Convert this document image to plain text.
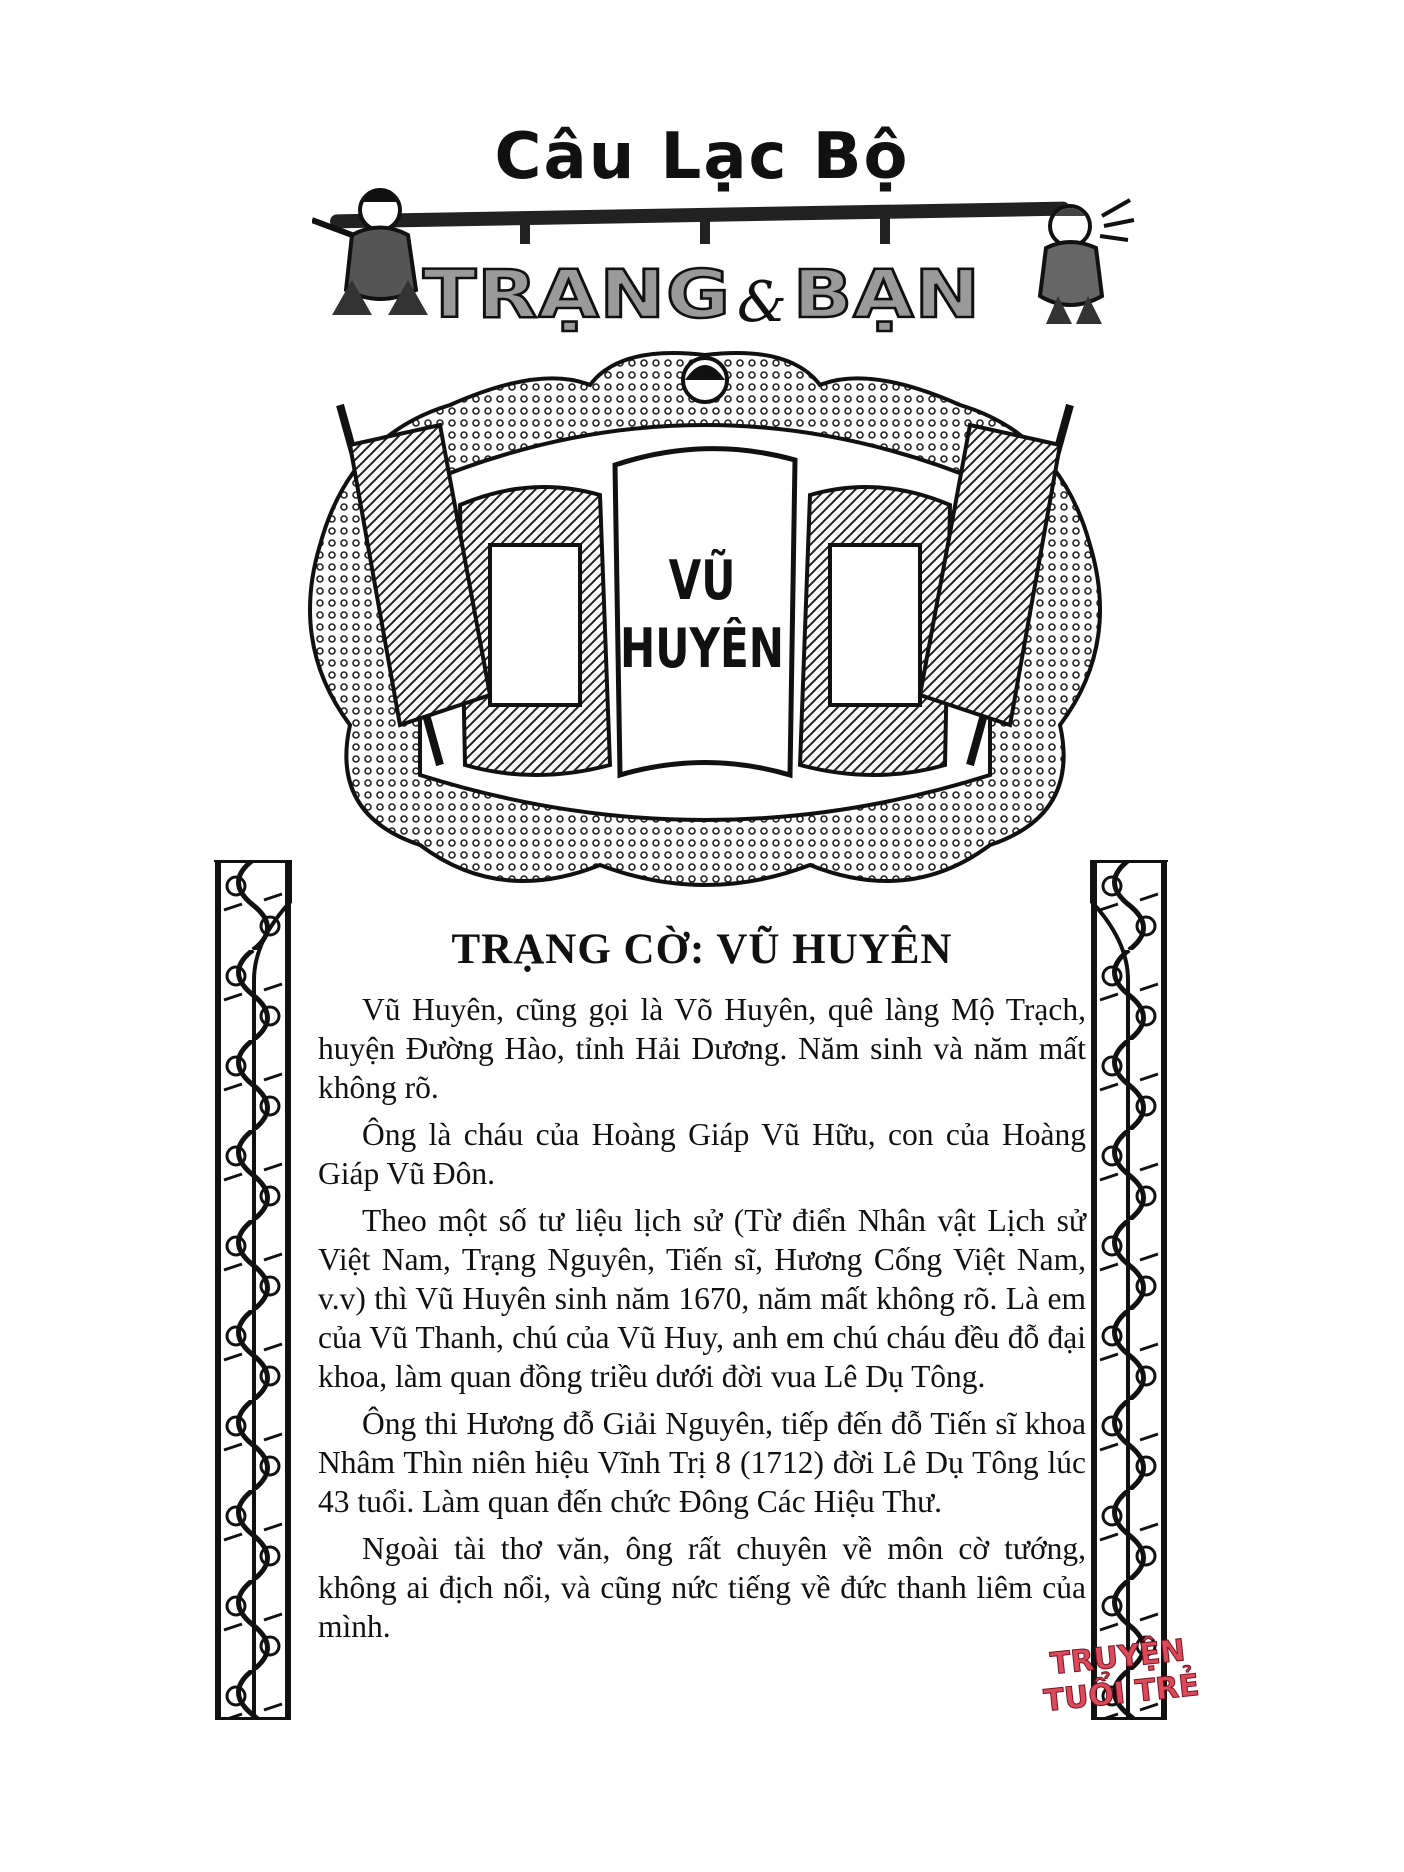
Câu Lạc Bộ
TRẠNG &BẠN
VŨ
HUYÊN
TRẠNG CỜ: VŨ HUYÊN

Vũ Huyên, cũng gọi là Võ Huyên, quê làng Mộ Trạch, huyện Đường Hào, tỉnh Hải Dương. Năm sinh và năm mất không rõ.

Ông là cháu của Hoàng Giáp Vũ Hữu, con của Hoàng Giáp Vũ Đôn.

Theo một số tư liệu lịch sử (Từ điển Nhân vật Lịch sử Việt Nam, Trạng Nguyên, Tiến sĩ, Hương Cống Việt Nam, v.v) thì Vũ Huyên sinh năm 1670, năm mất không rõ. Là em của Vũ Thanh, chú của Vũ Huy, anh em chú cháu đều đỗ đại khoa, làm quan đồng triều dưới đời vua Lê Dụ Tông.

Ông thi Hương đỗ Giải Nguyên, tiếp đến đỗ Tiến sĩ khoa Nhâm Thìn niên hiệu Vĩnh Trị 8 (1712) đời Lê Dụ Tông lúc 43 tuổi. Làm quan đến chức Đông Các Hiệu Thư.

Ngoài tài thơ văn, ông rất chuyên về môn cờ tướng, không ai địch nổi, và cũng nức tiếng về đức thanh liêm của mình.

TRUYỆN
TUỔI TRẺ
